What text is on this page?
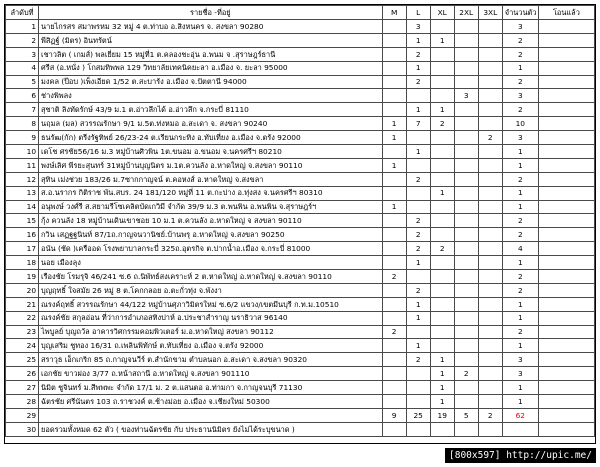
ลำดับที่	รายชื่อ -ที่อยู่	M	L	XL	2XL	3XL	จำนวนตัว	โอนแล้ว
1	นายไกรสร สมาพรหม 32 หมู่ 4 ต.ท่าบอ อ.สิงหนคร จ. สงขลา 90280		3				3	
2	พีสิฏฐ์ (มิตร) อินทรัตน์		1	1			2	
3	เชาวลิต ( เกมส์) พลเยี่ยม 15 หมู่ที่1 ต.คลองชะอุ่น อ.พนม จ .สุราษฎร์ธานี		2				2	
4	ศรีส (อ.หนั่ง ) โกสมทิพพล 129 วิทยาลัยเทคนิคยะลา อ.เมือง จ. ยะลา 95000		1				1	
5	มงคล (ป๊อบ )เพ็งเอียด 1/52 ต.สะบารัง อ.เมือง จ.ปัตตานี 94000		2				2	
6	ช่างพิพลง				3		3	
7	สุชาติ ลิงทัดรักษ์ 43/9 ม.1 ต.อ่าวลึกได้ อ.อ่าวลึก จ.กระบี่ 81110		1	1			2	
8	นฤมล (มล) สวรรณรักษา 9/1 ม.5ต.ท่งหมอ อ.สะเดา จ. สงขลา 90240	1	7	2			10	
9	ธนรัฒ(กัก) ตรีงรัฐทิพย์ 26/23-24 ต.เรียนกระทิง อ.ทับเที่ยง อ.เมือง จ.ตรัง 92000	1				2	3	
10	เดโช ศรชัย56/16 ม.3 หมู่บ้านศิวพิน 1ต.ขนอม อ.ขนอม จ.นครศรีฯ 80210		1				1	
11	พงษ์เลิศ พีรยะสุนทร์ 31หมู่บ้านบุญนิตร ม.1ต.ควนลัง อ.หาดใหญ่ จ.สงขลา 90110	1					1	
12	สุทิน เม่งช่วย 183/26 ม.7ซากกาญจน์ ต.คอหงส์ อ.หาดใหญ่ จ.สงขลา		2				2	
13	ส.อ.นรากร กิติราช พัน.สบร. 24 181/120 หมู่ที่ 11 ต.กะปาง อ.ทุ่งสง จ.นครศรีฯ 80310			1			1	
14	อนุพงษ์ วงศ์รี ส.สยามรีโซเคลิตบัดเกวิมี จำกัด 39/9 ม.3 ต.พนพิน อ.พนพิน จ.สุราษฎร์ฯ	1					1	
15	กุ้ง ควนลัง 18 หมู่บ้านเดินเขาชอย 10 ม.1 ต.ควนลัง อ.หาดใหญ่ จ สงขลา 90110		2				2	
16	กวิน เสฏฐฐนินท์ 87/1ถ.กาญจนวานิชย์.บ้านพรุ อ.หาดใหญ่ จ.สงขลา 90250		2				2	
17	อนัน (ชัด )เครืออด โรงพยาบาลกระบี่ 325ถ.อุตรกิจ ต.ปากน้ำอ.เมือง จ.กระบี่ 81000		2	2			4	
18	นอย เมืองลุง		1				1	
19	เรืองชัย โรมรุจิ 46/241 ซ.6 ถ.นิพัทธ์สงเคราะห์ 2 ต.หาดใหญ่ อ.หาดใหญ่ จ.สงขลา 90110	2					2	
20	บุญฤทธิ์ ใจสมัย 26 หมู่ 8 ต.โคกกลอย อ.ตะกั่วทุ่ง จ.พังงา		2				2	
21	ณรงค์ฤทธิ์ สวรรณรักษา 44/122 หมู่บ้านศุภาวิมิตรใหม่ ซ.6/2 แขวง/เขตมีนบุรี ก.ท.ม.10510		1				1	
22	ณรงค์ชัย สกุลอ่อน ที่ว่าการอำเภอสทิงปาห์ อ.ประชาสำราญ นราธิวาส 96140		1				1	
23	ไพบูลย์ บุญถวัล อาคารวิศกรรมคอมพิวเตอร์ ม.อ.หาดใหญ่ สงขลา 90112	2					2	
24	บุญเสริม ชูทอง 16/31 ถ.เพลินพิทักษ์ ต.ทับเที่ยง อ.เมือง จ.ตรัง 92000		1				1	
25	สราวุธ เอ็กเกริก 85 ถ.กาญจนวีร์ ต.สำนักขาม ตำบลนอก อ.สะเดา จ.สงขลา 90320		2	1			3	
26	เอกชัย ขาวผ่อง 3/77 ถ.หน้าสถานี อ.หาดใหญ่ จ.สงขลา 901110			1	2		3	
27	นิมิต ชูจินทร์ ม.สีพพพะ จำกัด 17/1 ม. 2 ต.แสนตอ อ.ท่ามกา จ.กาญจนบุรี 71130			1			1	
28	ฉัตรชัย ศรีนันตร 103 ถ.ราชวงค์ ต.ช้างม่อย อ.เมือง จ.เชียงใหม่ 50300			1			1	
29		9	25	19	5	2	62	
30	ยอดรวมทั้งหมด 62 ตัว ( ของท่านฉัตรชัย กับ ประธานนิมิตร ยังไม่ได้ระบุขนาด )							
[800x597] http://upic.me/
